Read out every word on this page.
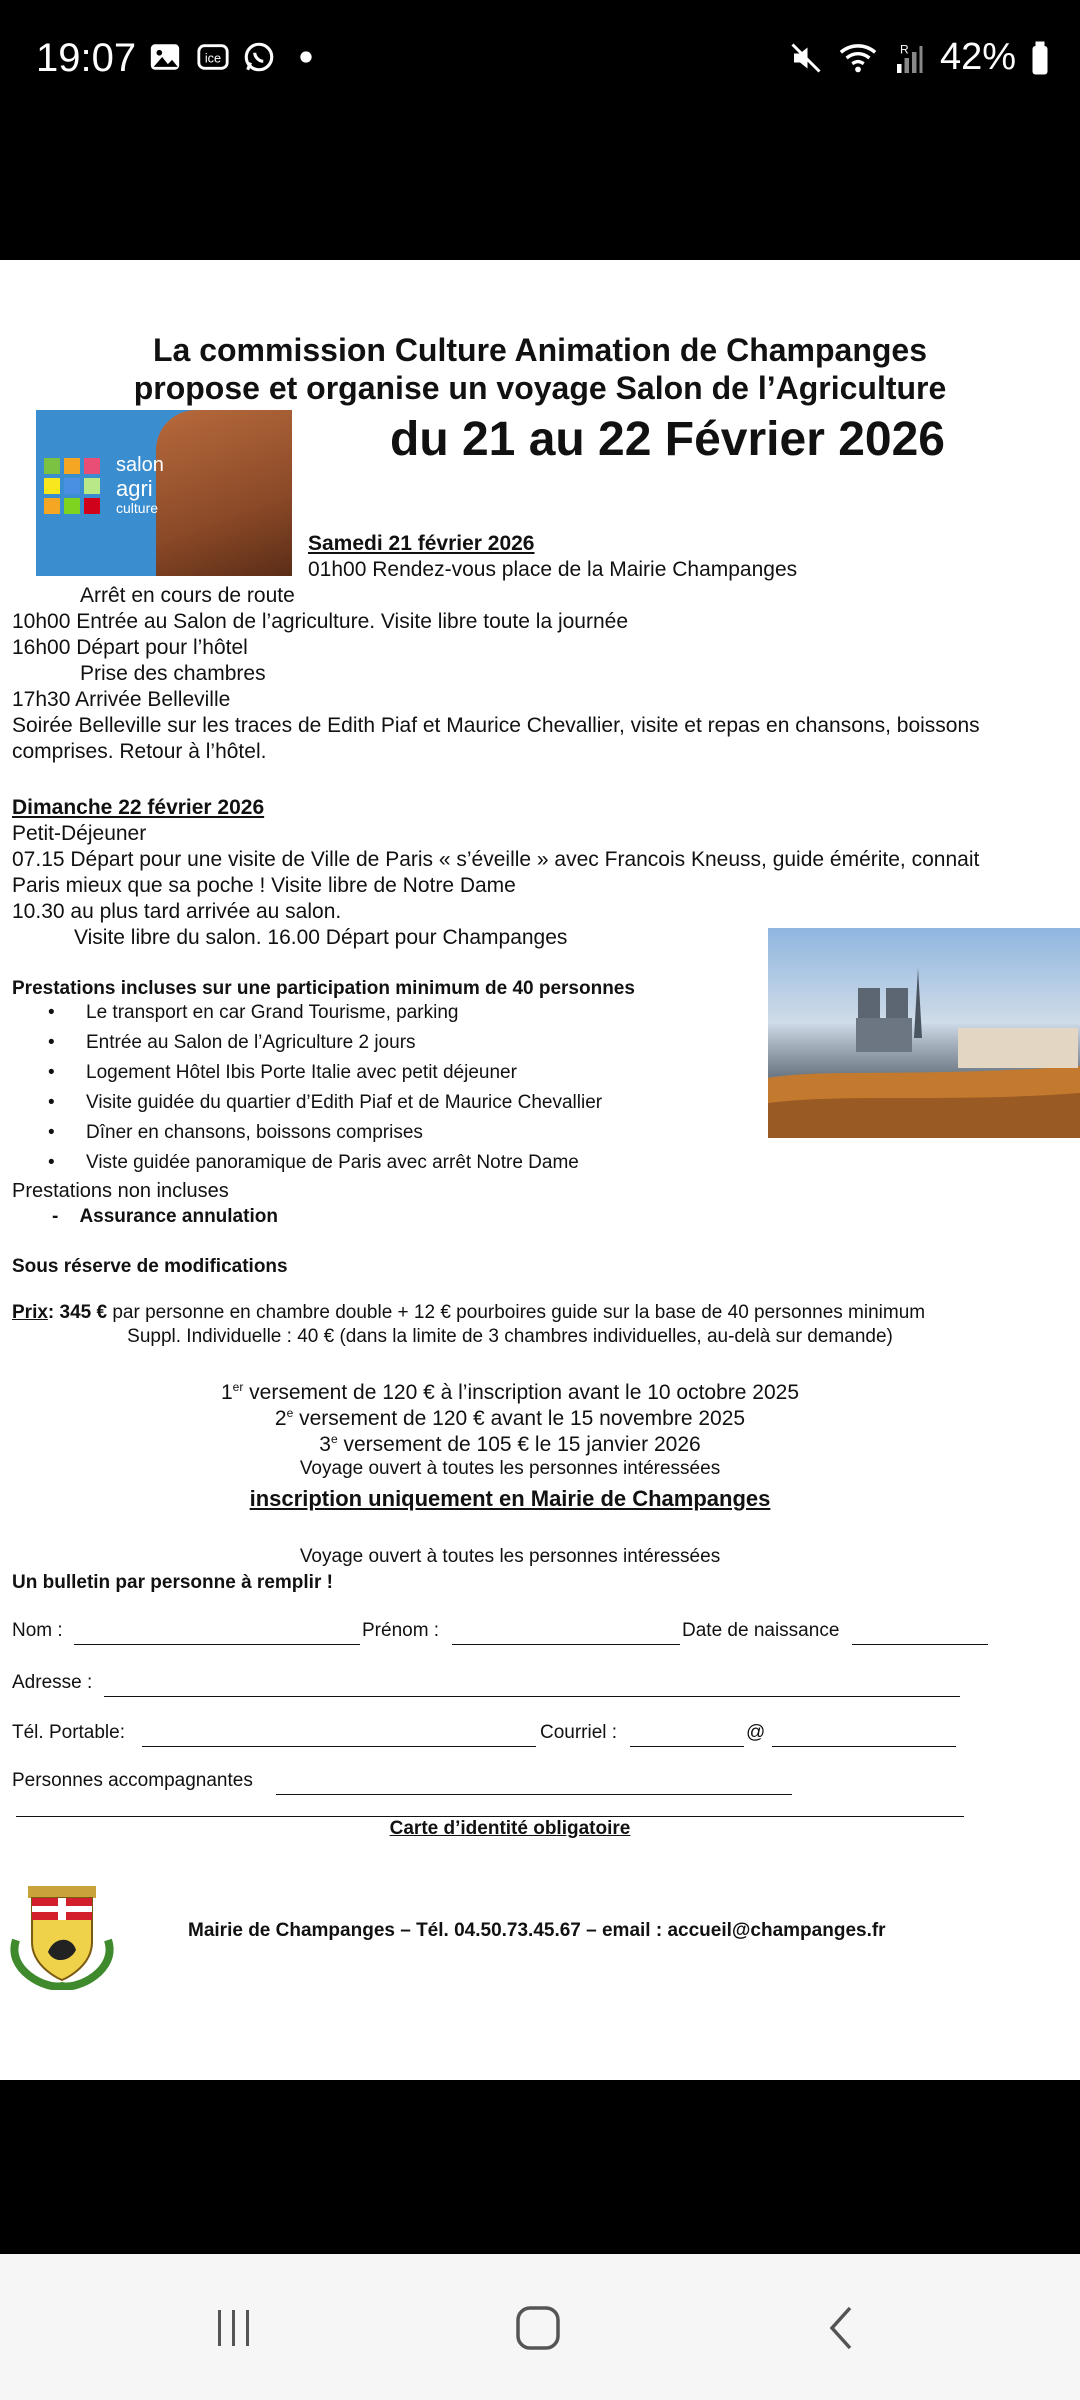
19:07	ice
R 42%
La commission Culture Animation de Champanges
propose et organise un voyage Salon de l’Agriculture
du 21 au 22 Février 2026
salon
agri
culture
Samedi 21 février 2026
01h00 Rendez-vous place de la Mairie Champanges
Arrêt en cours de route
10h00 Entrée au Salon de l’agriculture. Visite libre toute la journée
16h00 Départ pour l’hôtel
Prise des chambres
17h30 Arrivée Belleville
Soirée Belleville sur les traces de Edith Piaf et Maurice Chevallier, visite et repas en chansons, boissons
comprises. Retour à l’hôtel.
Dimanche 22 février 2026
Petit-Déjeuner
07.15 Départ pour une visite de Ville de Paris « s’éveille » avec Francois Kneuss, guide émérite, connait
Paris mieux que sa poche ! Visite libre de Notre Dame
10.30 au plus tard arrivée au salon.
Visite libre du salon. 16.00 Départ pour Champanges
Prestations incluses sur une participation minimum de 40 personnes
• Le transport en car Grand Tourisme, parking
• Entrée au Salon de l’Agriculture 2 jours
• Logement Hôtel Ibis Porte Italie avec petit déjeuner
• Visite guidée du quartier d’Edith Piaf et de Maurice Chevallier
• Dîner en chansons, boissons comprises
• Viste guidée panoramique de Paris avec arrêt Notre Dame
Prestations non incluses
-    Assurance annulation
Sous réserve de modifications
Prix: 345 € par personne en chambre double + 12 € pourboires guide sur la base de 40 personnes minimum
Suppl. Individuelle : 40 € (dans la limite de 3 chambres individuelles, au-delà sur demande)
1er versement de 120 € à l’inscription avant le 10 octobre 2025
2e versement de 120 € avant le 15 novembre 2025
3e versement de 105 € le 15 janvier 2026
Voyage ouvert à toutes les personnes intéressées
inscription uniquement en Mairie de Champanges
Voyage ouvert à toutes les personnes intéressées
Un bulletin par personne à remplir !
Nom :	Prénom :	Date de naissance
Adresse :
Tél. Portable:	Courriel :	@
Personnes accompagnantes
Carte d’identité obligatoire
Mairie de Champanges – Tél. 04.50.73.45.67 – email : accueil@champanges.fr
